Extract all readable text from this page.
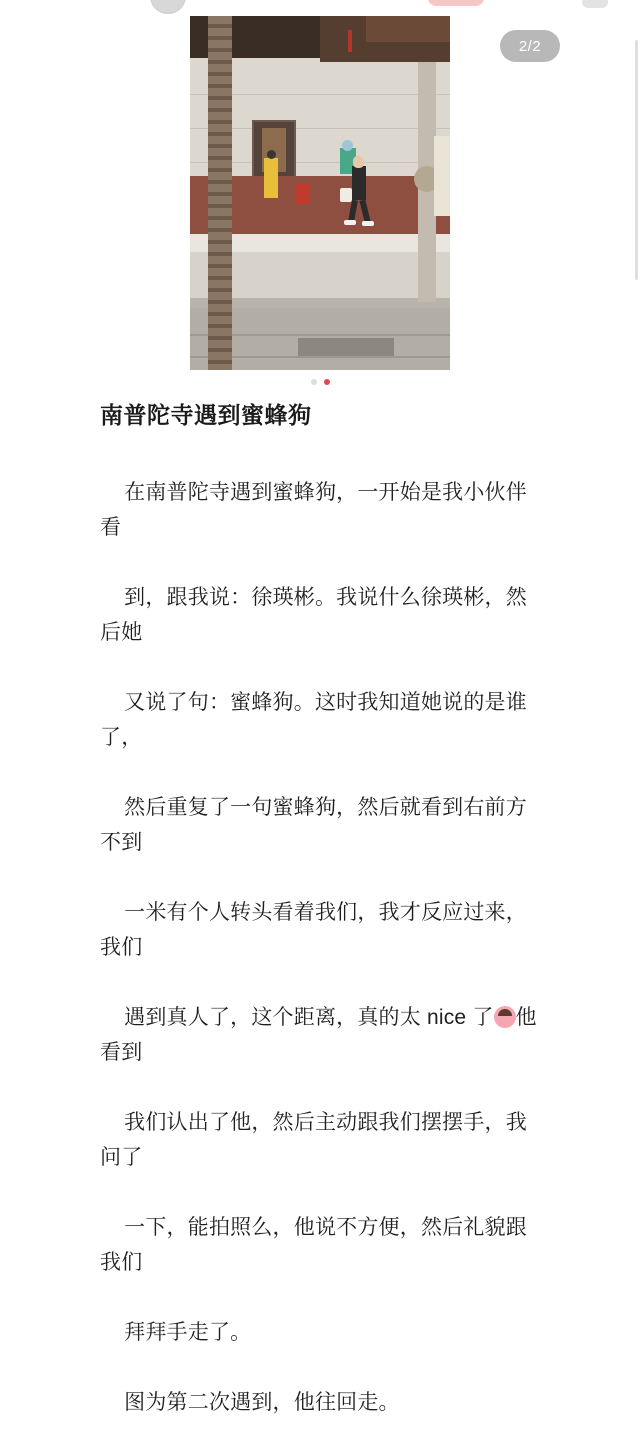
2/2
南普陀寺遇到蜜蜂狗

在南普陀寺遇到蜜蜂狗，一开始是我小伙伴看

到，跟我说：徐瑛彬。我说什么徐瑛彬，然后她

又说了句：蜜蜂狗。这时我知道她说的是谁了，

然后重复了一句蜜蜂狗，然后就看到右前方不到

一米有个人转头看着我们，我才反应过来，我们

遇到真人了，这个距离，真的太 nice 了 他看到

我们认出了他，然后主动跟我们摆摆手，我问了

一下，能拍照么，他说不方便，然后礼貌跟我们

拜拜手走了。

图为第二次遇到，他往回走。
